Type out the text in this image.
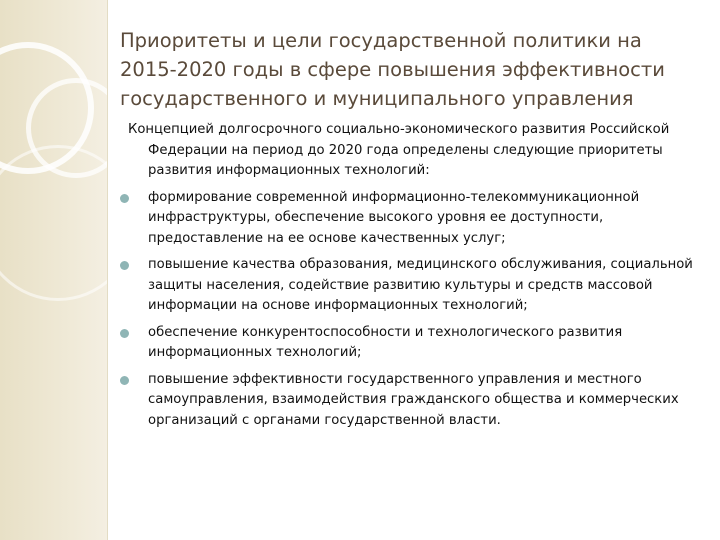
Приоритеты и цели государственной политики на 2015-2020 годы в сфере повышения эффективности государственного и муниципального управления

Концепцией долгосрочного социально-экономического развития Российской Федерации на период до 2020 года определены следующие приоритеты развития информационных технологий:

формирование современной информационно-телекоммуникационной инфраструктуры, обеспечение высокого уровня ее доступности, предоставление на ее основе качественных услуг;
повышение качества образования, медицинского обслуживания, социальной защиты населения, содействие развитию культуры и средств массовой информации на основе информационных технологий;
обеспечение конкурентоспособности и технологического развития информационных технологий;
повышение эффективности государственного управления и местного самоуправления, взаимодействия гражданского общества и коммерческих организаций с органами государственной власти.
